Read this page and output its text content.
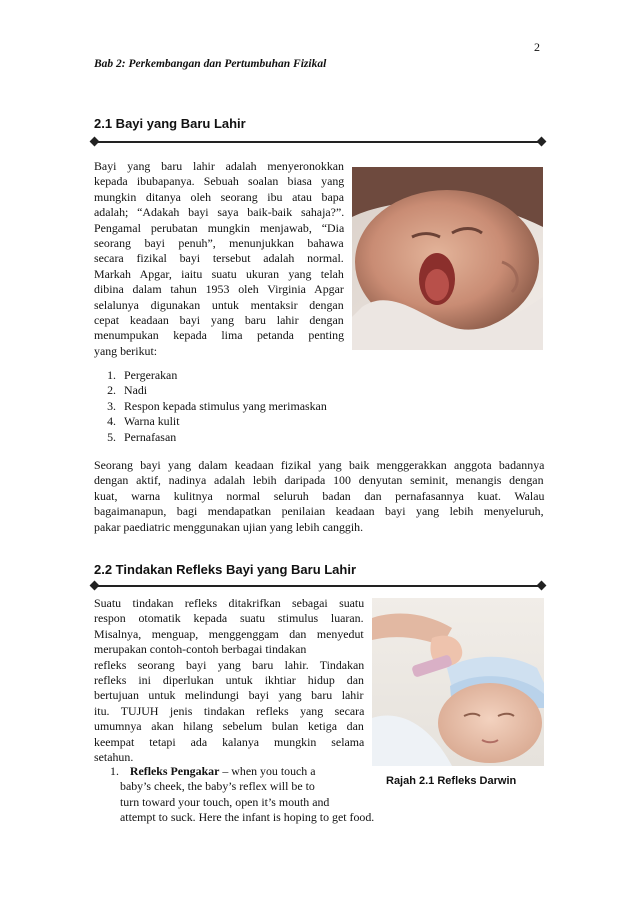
2
Bab 2: Perkembangan dan Pertumbuhan Fizikal
2.1 Bayi yang Baru Lahir
Bayi yang baru lahir adalah menyeronokkan
kepada ibubapanya. Sebuah soalan biasa yang
mungkin ditanya oleh seorang ibu atau bapa
adalah; “Adakah bayi saya baik-baik sahaja?”.
Pengamal perubatan mungkin menjawab, “Dia
seorang bayi penuh”, menunjukkan bahawa
secara fizikal bayi tersebut adalah normal.
Markah Apgar, iaitu suatu ukuran yang telah
dibina dalam tahun 1953 oleh Virginia Apgar
selalunya digunakan untuk mentaksir dengan
cepat keadaan bayi yang baru lahir dengan
menumpukan kepada lima petanda penting
yang berikut:
1. Pergerakan
2. Nadi
3. Respon kepada stimulus yang merimaskan
4. Warna kulit
5. Pernafasan
Seorang bayi yang dalam keadaan fizikal yang baik menggerakkan anggota badannya
dengan aktif, nadinya adalah lebih daripada 100 denyutan seminit, menangis dengan
kuat, warna kulitnya normal seluruh badan dan pernafasannya kuat. Walau
bagaimanapun, bagi mendapatkan penilaian keadaan bayi yang lebih menyeluruh,
pakar paediatric menggunakan ujian yang lebih canggih.
2.2 Tindakan Refleks Bayi yang Baru Lahir
Suatu tindakan refleks ditakrifkan sebagai suatu
respon otomatik kepada suatu stimulus luaran.
Misalnya, menguap, menggenggam dan menyedut
merupakan contoh-contoh berbagai tindakan
refleks seorang bayi yang baru lahir. Tindakan
refleks ini diperlukan untuk ikhtiar hidup dan
bertujuan untuk melindungi bayi yang baru lahir
itu. TUJUH jenis tindakan refleks yang secara
umumnya akan hilang sebelum bulan ketiga dan
keempat tetapi ada kalanya mungkin selama
setahun.
1. Refleks Pengakar – when you touch a
baby’s cheek, the baby’s reflex will be to
turn toward your touch, open it’s mouth and
attempt to suck. Here the infant is hoping to get food.
Rajah 2.1 Refleks Darwin
